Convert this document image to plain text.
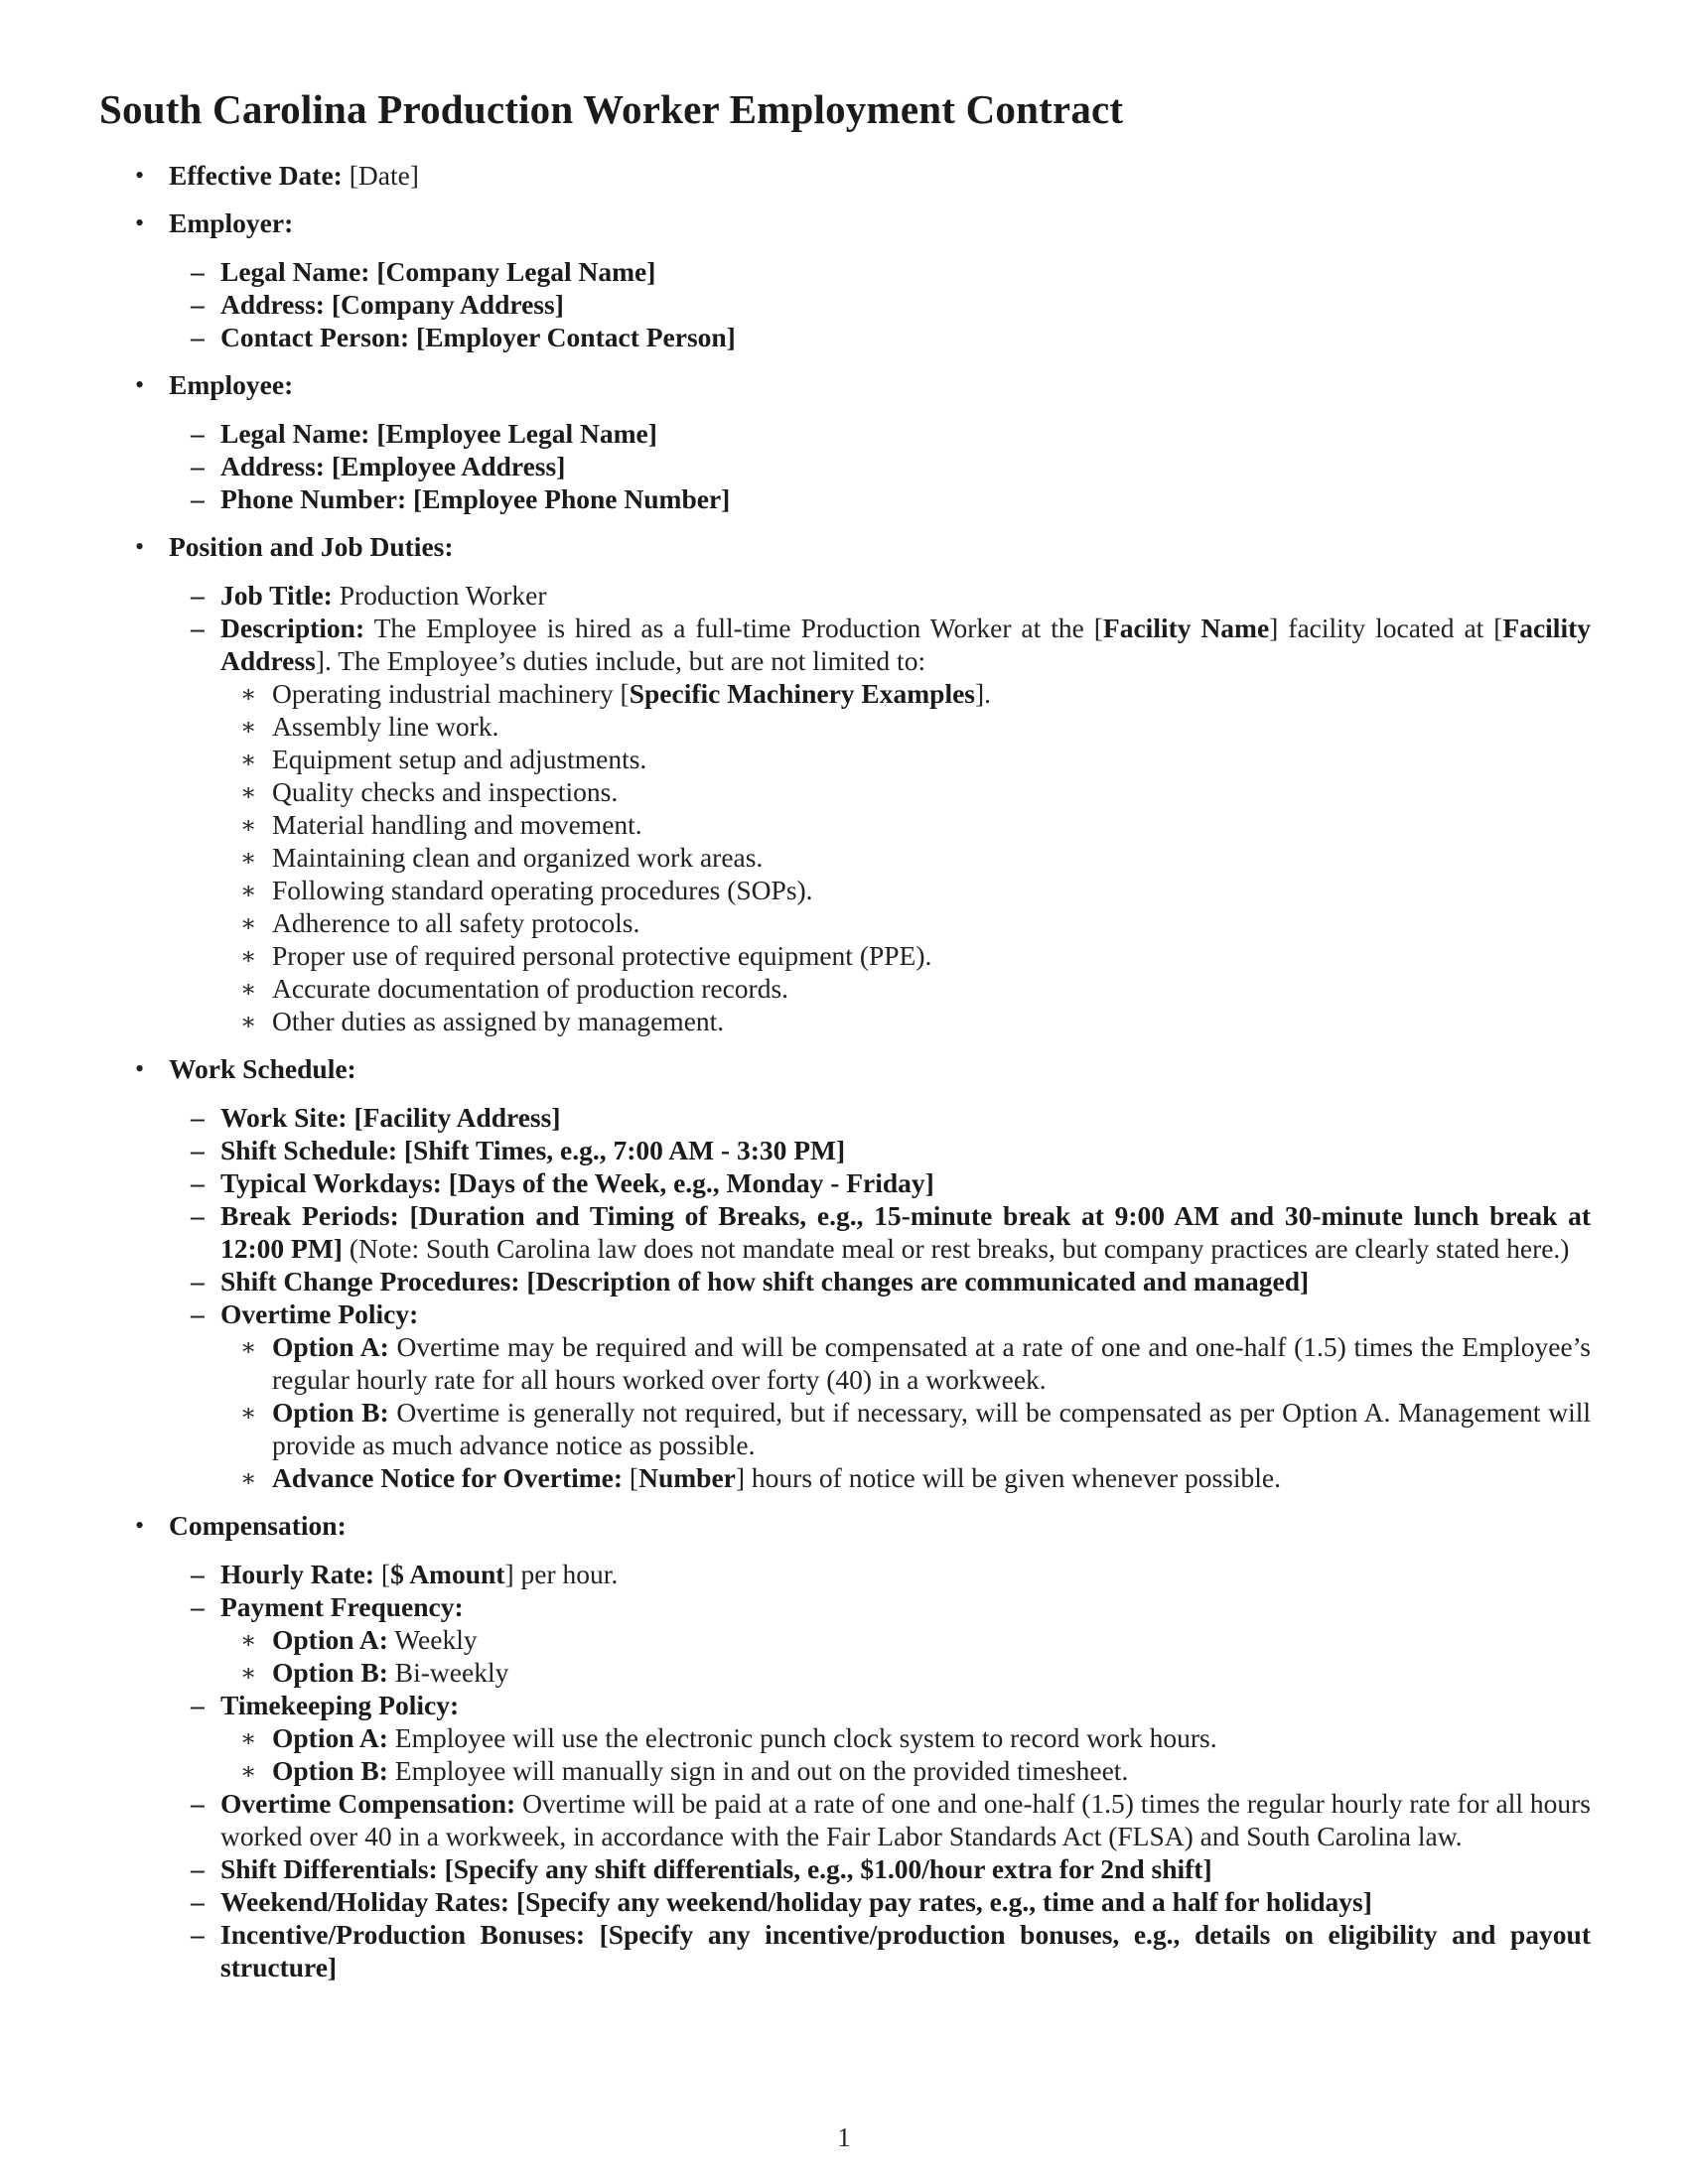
South Carolina Production Worker Employment Contract
• Effective Date: [Date]
• Employer:
– Legal Name: [Company Legal Name]
– Address: [Company Address]
– Contact Person: [Employer Contact Person]
• Employee:
– Legal Name: [Employee Legal Name]
– Address: [Employee Address]
– Phone Number: [Employee Phone Number]
• Position and Job Duties:
– Job Title: Production Worker
– Description: The Employee is hired as a full-time Production Worker at the [Facility Name] facility located at [Facility Address]. The Employee’s duties include, but are not limited to:
∗ Operating industrial machinery [Specific Machinery Examples].
∗ Assembly line work.
∗ Equipment setup and adjustments.
∗ Quality checks and inspections.
∗ Material handling and movement.
∗ Maintaining clean and organized work areas.
∗ Following standard operating procedures (SOPs).
∗ Adherence to all safety protocols.
∗ Proper use of required personal protective equipment (PPE).
∗ Accurate documentation of production records.
∗ Other duties as assigned by management.
• Work Schedule:
– Work Site: [Facility Address]
– Shift Schedule: [Shift Times, e.g., 7:00 AM - 3:30 PM]
– Typical Workdays: [Days of the Week, e.g., Monday - Friday]
– Break Periods: [Duration and Timing of Breaks, e.g., 15-minute break at 9:00 AM and 30-minute lunch break at 12:00 PM] (Note: South Carolina law does not mandate meal or rest breaks, but company practices are clearly stated here.)
– Shift Change Procedures: [Description of how shift changes are communicated and managed]
– Overtime Policy:
∗ Option A: Overtime may be required and will be compensated at a rate of one and one-half (1.5) times the Employee’s regular hourly rate for all hours worked over forty (40) in a workweek.
∗ Option B: Overtime is generally not required, but if necessary, will be compensated as per Option A. Management will provide as much advance notice as possible.
∗ Advance Notice for Overtime: [Number] hours of notice will be given whenever possible.
• Compensation:
– Hourly Rate: [$ Amount] per hour.
– Payment Frequency:
∗ Option A: Weekly
∗ Option B: Bi-weekly
– Timekeeping Policy:
∗ Option A: Employee will use the electronic punch clock system to record work hours.
∗ Option B: Employee will manually sign in and out on the provided timesheet.
– Overtime Compensation: Overtime will be paid at a rate of one and one-half (1.5) times the regular hourly rate for all hours worked over 40 in a workweek, in accordance with the Fair Labor Standards Act (FLSA) and South Carolina law.
– Shift Differentials: [Specify any shift differentials, e.g., $1.00/hour extra for 2nd shift]
– Weekend/Holiday Rates: [Specify any weekend/holiday pay rates, e.g., time and a half for holidays]
– Incentive/Production Bonuses: [Specify any incentive/production bonuses, e.g., details on eligibility and payout structure]
1
